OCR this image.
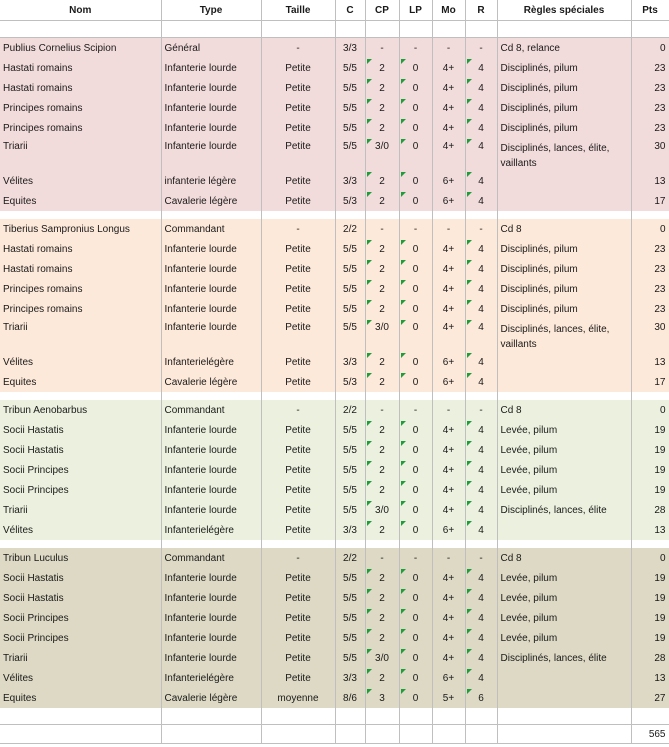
Nom	Type	Taille	C	CP	LP	Mo	R	Règles spéciales	Pts

Publius Cornelius Scipion	Général	-	3/3	-	-	-	-	Cd 8, relance	0
Hastati romains	Infanterie lourde	Petite	5/5	2	0	4+	4	Disciplinés, pilum	23
Hastati romains	Infanterie lourde	Petite	5/5	2	0	4+	4	Disciplinés, pilum	23
Principes romains	Infanterie lourde	Petite	5/5	2	0	4+	4	Disciplinés, pilum	23
Principes romains	Infanterie lourde	Petite	5/5	2	0	4+	4	Disciplinés, pilum	23
Triarii	Infanterie lourde	Petite	5/5	3/0	0	4+	4	Disciplinés, lances, élite, vaillants	30
Vélites	infanterie légère	Petite	3/3	2	0	6+	4		13
Equites	Cavalerie légère	Petite	5/3	2	0	6+	4		17

Tiberius Sampronius Longus	Commandant	-	2/2	-	-	-	-	Cd 8	0
Hastati romains	Infanterie lourde	Petite	5/5	2	0	4+	4	Disciplinés, pilum	23
Hastati romains	Infanterie lourde	Petite	5/5	2	0	4+	4	Disciplinés, pilum	23
Principes romains	Infanterie lourde	Petite	5/5	2	0	4+	4	Disciplinés, pilum	23
Principes romains	Infanterie lourde	Petite	5/5	2	0	4+	4	Disciplinés, pilum	23
Triarii	Infanterie lourde	Petite	5/5	3/0	0	4+	4	Disciplinés, lances, élite, vaillants	30
Vélites	Infanterielégère	Petite	3/3	2	0	6+	4		13
Equites	Cavalerie légère	Petite	5/3	2	0	6+	4		17

Tribun Aenobarbus	Commandant	-	2/2	-	-	-	-	Cd 8	0
Socii Hastatis	Infanterie lourde	Petite	5/5	2	0	4+	4	Levée, pilum	19
Socii Hastatis	Infanterie lourde	Petite	5/5	2	0	4+	4	Levée, pilum	19
Socii Principes	Infanterie lourde	Petite	5/5	2	0	4+	4	Levée, pilum	19
Socii Principes	Infanterie lourde	Petite	5/5	2	0	4+	4	Levée, pilum	19
Triarii	Infanterie lourde	Petite	5/5	3/0	0	4+	4	Disciplinés, lances, élite	28
Vélites	Infanterielégère	Petite	3/3	2	0	6+	4		13

Tribun Luculus	Commandant	-	2/2	-	-	-	-	Cd 8	0
Socii Hastatis	Infanterie lourde	Petite	5/5	2	0	4+	4	Levée, pilum	19
Socii Hastatis	Infanterie lourde	Petite	5/5	2	0	4+	4	Levée, pilum	19
Socii Principes	Infanterie lourde	Petite	5/5	2	0	4+	4	Levée, pilum	19
Socii Principes	Infanterie lourde	Petite	5/5	2	0	4+	4	Levée, pilum	19
Triarii	Infanterie lourde	Petite	5/5	3/0	0	4+	4	Disciplinés, lances, élite	28
Vélites	Infanterielégère	Petite	3/3	2	0	6+	4		13
Equites	Cavalerie légère	moyenne	8/6	3	0	5+	6		27

									565
